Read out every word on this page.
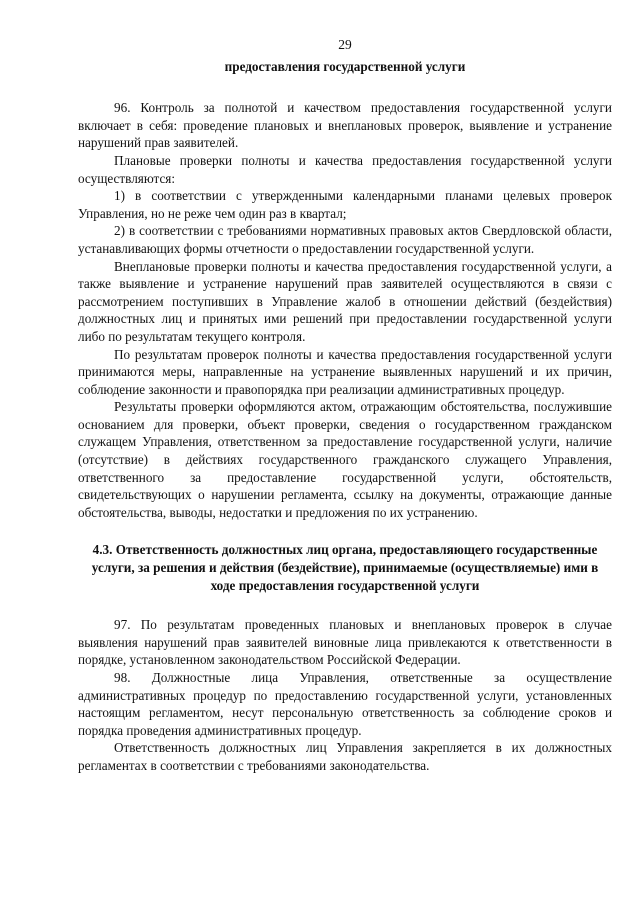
29
предоставления государственной услуги

96. Контроль за полнотой и качеством предоставления государственной услуги включает в себя: проведение плановых и внеплановых проверок, выявление и устранение нарушений прав заявителей.

Плановые проверки полноты и качества предоставления государственной услуги осуществляются:

1) в соответствии с утвержденными календарными планами целевых проверок Управления, но не реже чем один раз в квартал;

2) в соответствии с требованиями нормативных правовых актов Свердловской области, устанавливающих формы отчетности о предоставлении государственной услуги.

Внеплановые проверки полноты и качества предоставления государственной услуги, а также выявление и устранение нарушений прав заявителей осуществляются в связи с рассмотрением поступивших в Управление жалоб в отношении действий (бездействия) должностных лиц и принятых ими решений при предоставлении государственной услуги либо по результатам текущего контроля.

По результатам проверок полноты и качества предоставления государственной услуги принимаются меры, направленные на устранение выявленных нарушений и их причин, соблюдение законности и правопорядка при реализации административных процедур.

Результаты проверки оформляются актом, отражающим обстоятельства, послужившие основанием для проверки, объект проверки, сведения о государственном гражданском служащем Управления, ответственном за предоставление государственной услуги, наличие (отсутствие) в действиях государственного гражданского служащего Управления, ответственного за предоставление государственной услуги, обстоятельств, свидетельствующих о нарушении регламента, ссылку на документы, отражающие данные обстоятельства, выводы, недостатки и предложения по их устранению.

4.3. Ответственность должностных лиц органа, предоставляющего государственные услуги, за решения и действия (бездействие), принимаемые (осуществляемые) ими в ходе предоставления государственной услуги

97. По результатам проведенных плановых и внеплановых проверок в случае выявления нарушений прав заявителей виновные лица привлекаются к ответственности в порядке, установленном законодательством Российской Федерации.

98. Должностные лица Управления, ответственные за осуществление административных процедур по предоставлению государственной услуги, установленных настоящим регламентом, несут персональную ответственность за соблюдение сроков и порядка проведения административных процедур.

Ответственность должностных лиц Управления закрепляется в их должностных регламентах в соответствии с требованиями законодательства.
